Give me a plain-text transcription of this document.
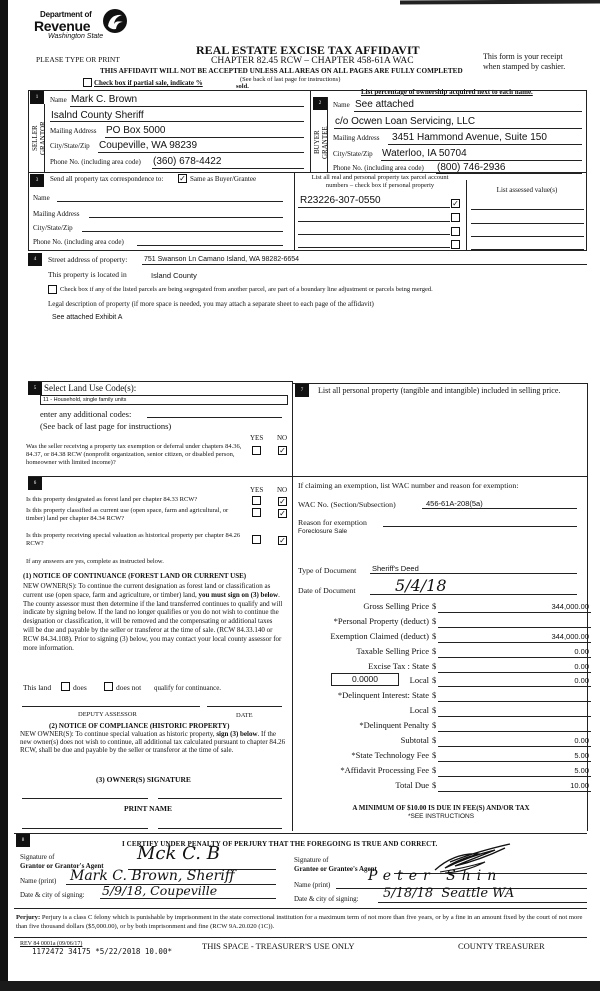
Department of
Revenue
Washington State
PLEASE TYPE OR PRINT
REAL ESTATE EXCISE TAX AFFIDAVIT
CHAPTER 82.45 RCW – CHAPTER 458-61A WAC
THIS AFFIDAVIT WILL NOT BE ACCEPTED UNLESS ALL AREAS ON ALL PAGES ARE FULLY COMPLETED
This form is your receipt
when stamped by cashier.
Check box if partial sale, indicate %	sold.
(See back of last page for instructions)
List percentage of ownership acquired next to each name.
1
SELLER
GRANTOR
Name Mark C. Brown
Isalnd County Sheriff
Mailing Address PO Box 5000
City/State/Zip Coupeville, WA 98239
Phone No. (including area code) (360) 678-4422
2
BUYER
GRANTEE
Name See attached
c/o Ocwen Loan Servicing, LLC
Mailing Address 3451 Hammond Avenue, Suite 150
City/State/Zip Waterloo, IA 50704
Phone No. (including area code) (800) 746-2936
3	Send all property tax correspondence to: ✓ Same as Buyer/Grantee
Name
Mailing Address
City/State/Zip
Phone No. (including area code)
List all real and personal property tax parcel account
numbers – check box if personal property
List assessed value(s)
R23226-307-0550	✓
4	Street address of property: 751 Swanson Ln Camano Island, WA 98282-6654
This property is located in	Island County
Check box if any of the listed parcels are being segregated from another parcel, are part of a boundary line adjustment or parcels being merged.
Legal description of property (if more space is needed, you may attach a separate sheet to each page of the affidavit)
See attached Exhibit A
5 Select Land Use Code(s):
11 - Household, single family units
enter any additional codes:
(See back of last page for instructions)
YES NO
Was the seller receiving a property tax exemption or deferral under chapters 84.36, 84.37, or 84.38 RCW (nonprofit organization, senior citizen, or disabled person, homeowner with limited income)?
✓
6
YES NO
Is this property designated as forest land per chapter 84.33 RCW?	✓
Is this property classified as current use (open space, farm and agricultural, or timber) land per chapter 84.34 RCW?
✓
Is this property receiving special valuation as historical property per chapter 84.26 RCW?	✓
If any answers are yes, complete as instructed below.
(1) NOTICE OF CONTINUANCE (FOREST LAND OR CURRENT USE)
NEW OWNER(S): To continue the current designation as forest land or classification as current use (open space, farm and agriculture, or timber) land, you must sign on (3) below. The county assessor must then determine if the land transferred continues to qualify and will indicate by signing below. If the land no longer qualifies or you do not wish to continue the designation or classification, it will be removed and the compensating or additional taxes will be due and payable by the seller or transferor at the time of sale. (RCW 84.33.140 or RCW 84.34.108). Prior to signing (3) below, you may contact your local county assessor for more information.
This land	does	does not qualify for continuance.
DEPUTY ASSESSOR	DATE
(2) NOTICE OF COMPLIANCE (HISTORIC PROPERTY)
NEW OWNER(S): To continue special valuation as historic property, sign (3) below. If the new owner(s) does not wish to continue, all additional tax calculated pursuant to chapter 84.26 RCW, shall be due and payable by the seller or transferor at the time of sale.
(3) OWNER(S) SIGNATURE
PRINT NAME
7	List all personal property (tangible and intangible) included in selling price.
If claiming an exemption, list WAC number and reason for exemption:
WAC No. (Section/Subsection)	456-61A-208(5a)
Reason for exemption
Foreclosure Sale
Type of Document Sheriff's Deed
Date of Document 5/4/18
Gross Selling Price $	344,000.00
*Personal Property (deduct) $
Exemption Claimed (deduct) $	344,000.00
Taxable Selling Price $	0.00
Excise Tax : State $	0.00
0.0000	Local $	0.00
*Delinquent Interest: State $
Local $
*Delinquent Penalty $
Subtotal $	0.00
*State Technology Fee $	5.00
*Affidavit Processing Fee $	5.00
Total Due $	10.00
A MINIMUM OF $10.00 IS DUE IN FEE(S) AND/OR TAX
*SEE INSTRUCTIONS
8	I CERTIFY UNDER PENALTY OF PERJURY THAT THE FOREGOING IS TRUE AND CORRECT.
Signature of
Grantor or Grantor's Agent
Mck C. B
Name (print) Mark C. Brown, Sheriff
Date & city of signing: 5/9/18, Coupeville
Signature of
Grantee or Grantee's Agent
Name (print)
Peter Shin
Date & city of signing: 5/18/18  Seattle WA
Perjury: Perjury is a class C felony which is punishable by imprisonment in the state correctional institution for a maximum term of not more than five years, or by a fine in an amount fixed by the court of not more than five thousand dollars ($5,000.00), or by both imprisonment and fine (RCW 9A.20.020 (1C)).
REV 84 0001a (09/06/17)
1172472 34175 *5/22/2018 10.00*
THIS SPACE - TREASURER'S USE ONLY	COUNTY TREASURER
